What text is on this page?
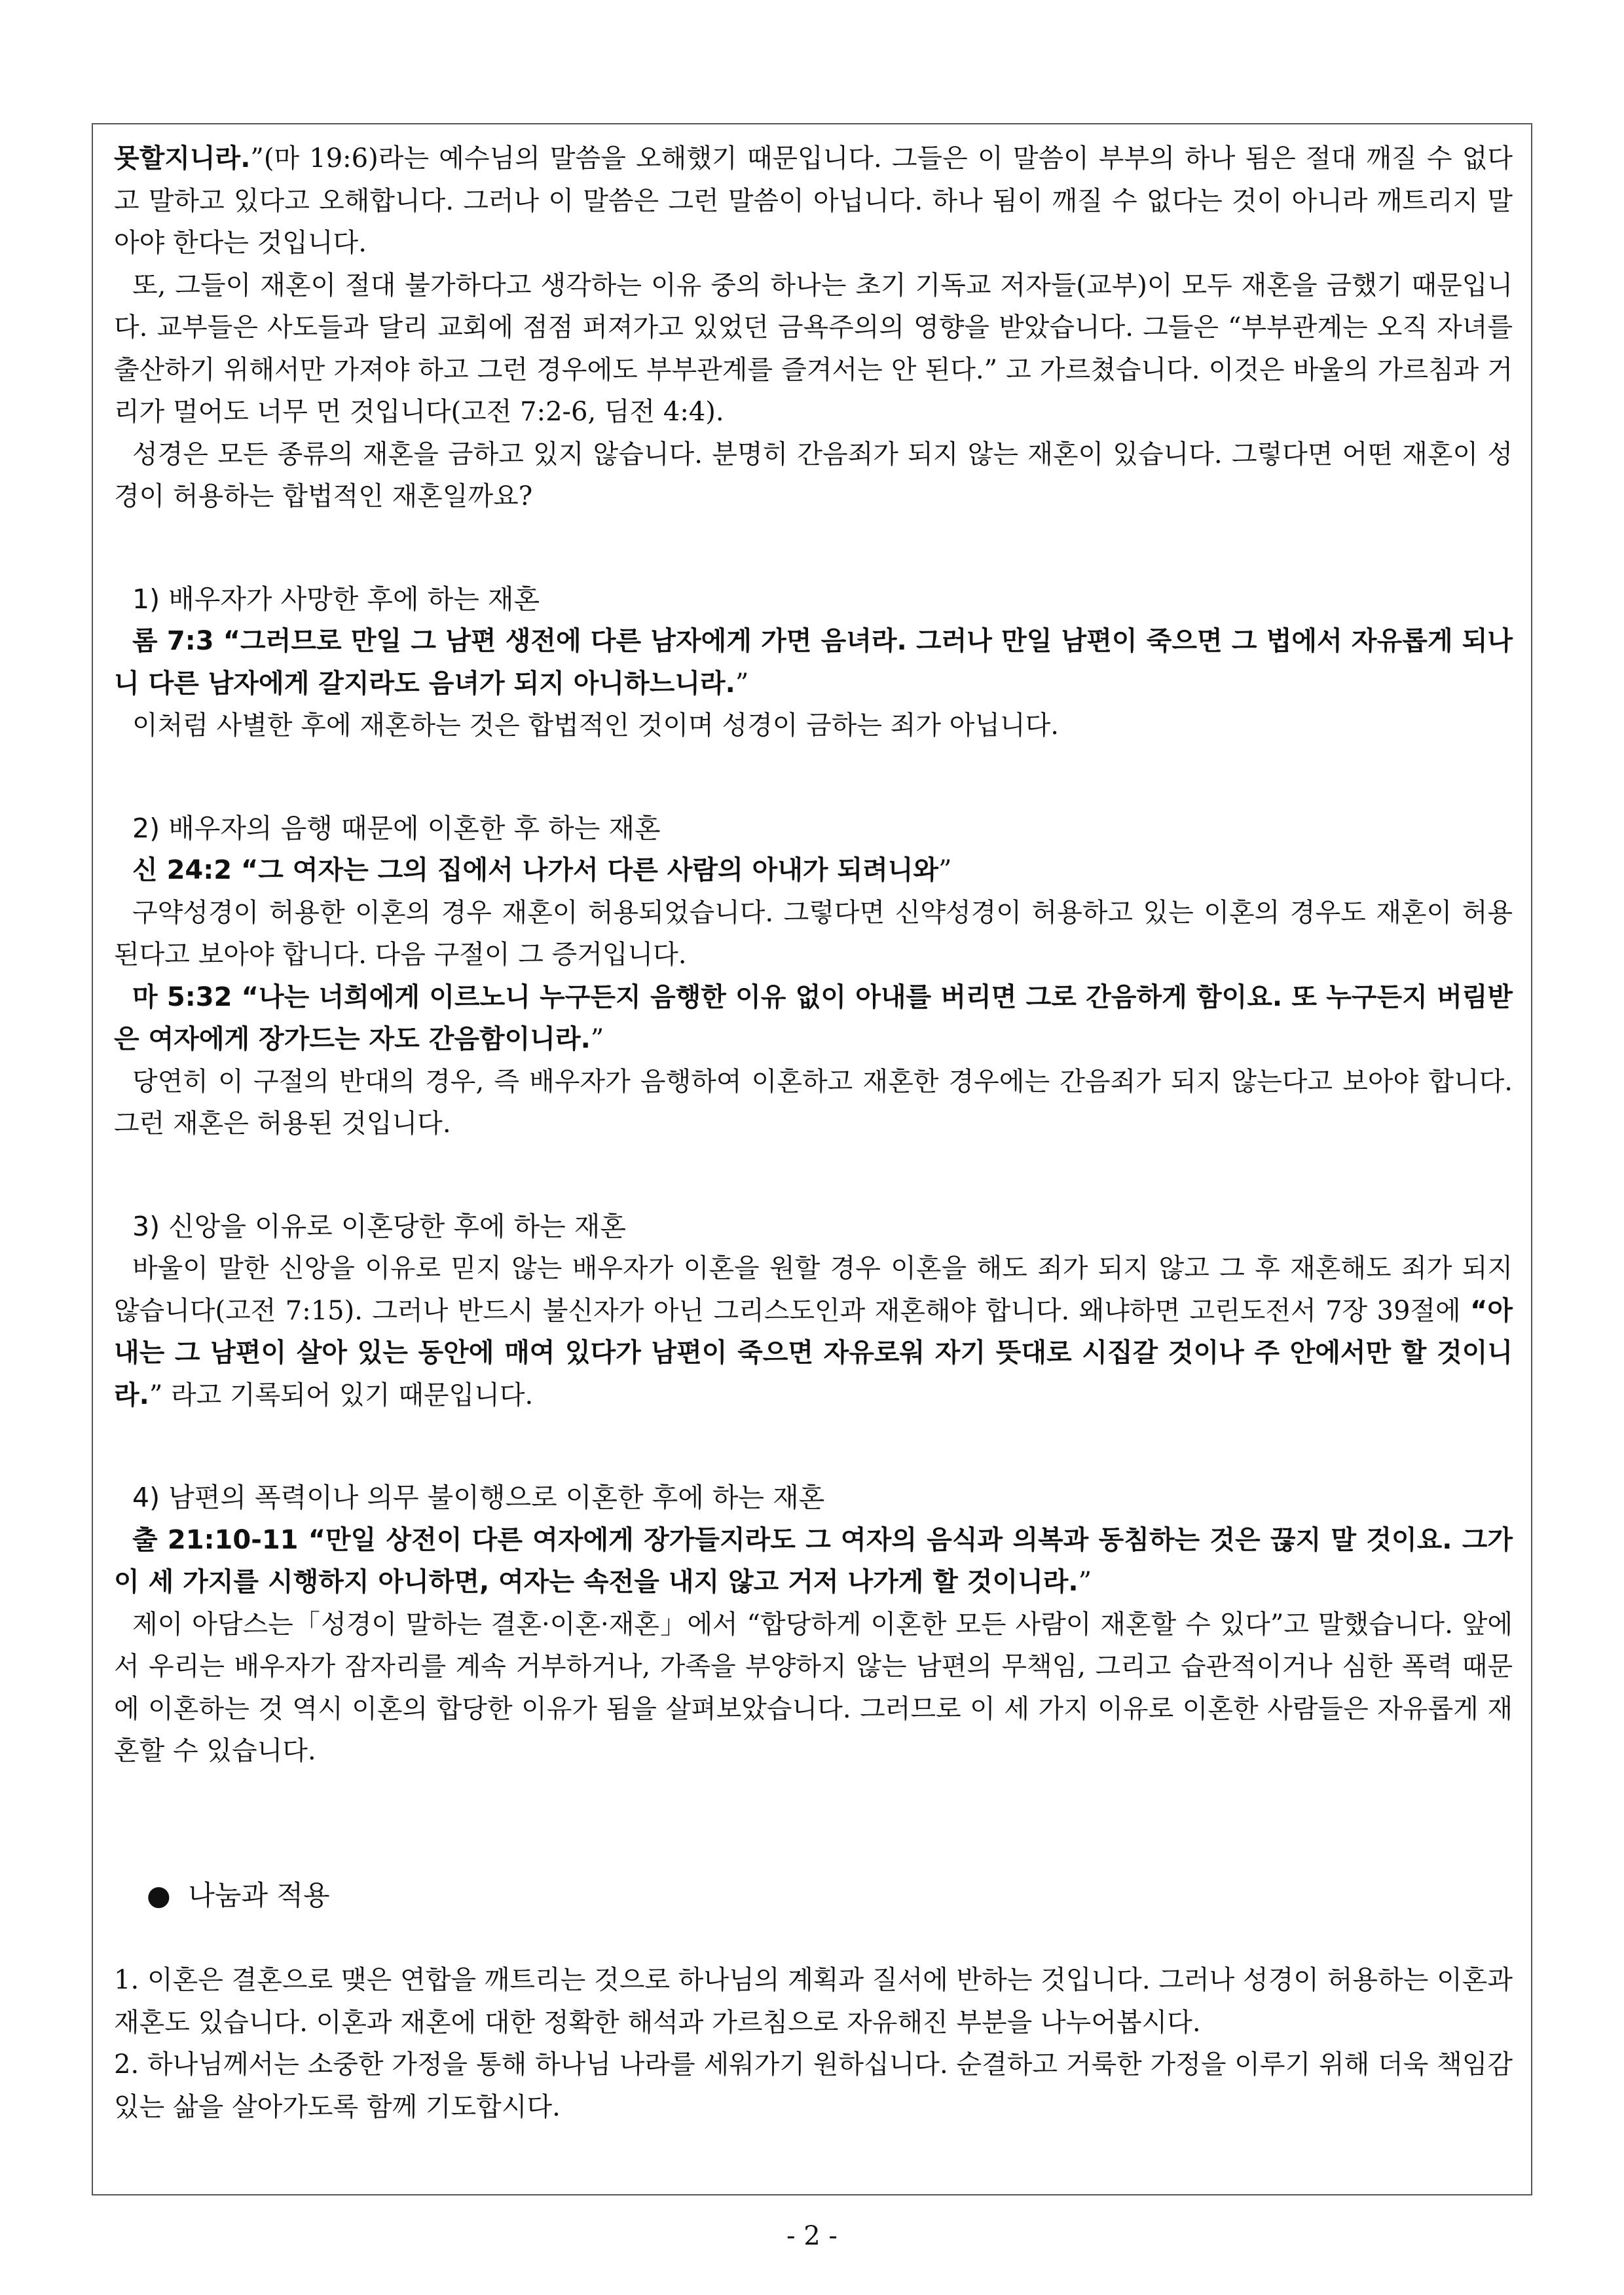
못할지니라.”(마 19:6)라는 예수님의 말씀을 오해했기 때문입니다. 그들은 이 말씀이 부부의 하나 됨은 절대 깨질 수 없다고 말하고 있다고 오해합니다. 그러나 이 말씀은 그런 말씀이 아닙니다. 하나 됨이 깨질 수 없다는 것이 아니라 깨트리지 말아야 한다는 것입니다.

또, 그들이 재혼이 절대 불가하다고 생각하는 이유 중의 하나는 초기 기독교 저자들(교부)이 모두 재혼을 금했기 때문입니다. 교부들은 사도들과 달리 교회에 점점 퍼져가고 있었던 금욕주의의 영향을 받았습니다. 그들은 “부부관계는 오직 자녀를 출산하기 위해서만 가져야 하고 그런 경우에도 부부관계를 즐겨서는 안 된다.” 고 가르쳤습니다. 이것은 바울의 가르침과 거리가 멀어도 너무 먼 것입니다(고전 7:2-6, 딤전 4:4).

성경은 모든 종류의 재혼을 금하고 있지 않습니다. 분명히 간음죄가 되지 않는 재혼이 있습니다. 그렇다면 어떤 재혼이 성경이 허용하는 합법적인 재혼일까요?

1) 배우자가 사망한 후에 하는 재혼

롬 7:3 “그러므로 만일 그 남편 생전에 다른 남자에게 가면 음녀라. 그러나 만일 남편이 죽으면 그 법에서 자유롭게 되나니 다른 남자에게 갈지라도 음녀가 되지 아니하느니라.”

이처럼 사별한 후에 재혼하는 것은 합법적인 것이며 성경이 금하는 죄가 아닙니다.

2) 배우자의 음행 때문에 이혼한 후 하는 재혼

신 24:2 “그 여자는 그의 집에서 나가서 다른 사람의 아내가 되려니와”

구약성경이 허용한 이혼의 경우 재혼이 허용되었습니다. 그렇다면 신약성경이 허용하고 있는 이혼의 경우도 재혼이 허용된다고 보아야 합니다. 다음 구절이 그 증거입니다.

마 5:32 “나는 너희에게 이르노니 누구든지 음행한 이유 없이 아내를 버리면 그로 간음하게 함이요. 또 누구든지 버림받은 여자에게 장가드는 자도 간음함이니라.”

당연히 이 구절의 반대의 경우, 즉 배우자가 음행하여 이혼하고 재혼한 경우에는 간음죄가 되지 않는다고 보아야 합니다. 그런 재혼은 허용된 것입니다.

3) 신앙을 이유로 이혼당한 후에 하는 재혼

바울이 말한 신앙을 이유로 믿지 않는 배우자가 이혼을 원할 경우 이혼을 해도 죄가 되지 않고 그 후 재혼해도 죄가 되지 않습니다(고전 7:15). 그러나 반드시 불신자가 아닌 그리스도인과 재혼해야 합니다. 왜냐하면 고린도전서 7장 39절에 “아내는 그 남편이 살아 있는 동안에 매여 있다가 남편이 죽으면 자유로워 자기 뜻대로 시집갈 것이나 주 안에서만 할 것이니라.” 라고 기록되어 있기 때문입니다.

4) 남편의 폭력이나 의무 불이행으로 이혼한 후에 하는 재혼

출 21:10-11 “만일 상전이 다른 여자에게 장가들지라도 그 여자의 음식과 의복과 동침하는 것은 끊지 말 것이요. 그가 이 세 가지를 시행하지 아니하면, 여자는 속전을 내지 않고 거저 나가게 할 것이니라.”

제이 아담스는「성경이 말하는 결혼·이혼·재혼」에서 “합당하게 이혼한 모든 사람이 재혼할 수 있다”고 말했습니다. 앞에서 우리는 배우자가 잠자리를 계속 거부하거나, 가족을 부양하지 않는 남편의 무책임, 그리고 습관적이거나 심한 폭력 때문에 이혼하는 것 역시 이혼의 합당한 이유가 됨을 살펴보았습니다. 그러므로 이 세 가지 이유로 이혼한 사람들은 자유롭게 재혼할 수 있습니다.

● 나눔과 적용

1. 이혼은 결혼으로 맺은 연합을 깨트리는 것으로 하나님의 계획과 질서에 반하는 것입니다. 그러나 성경이 허용하는 이혼과 재혼도 있습니다. 이혼과 재혼에 대한 정확한 해석과 가르침으로 자유해진 부분을 나누어봅시다.

2. 하나님께서는 소중한 가정을 통해 하나님 나라를 세워가기 원하십니다. 순결하고 거룩한 가정을 이루기 위해 더욱 책임감 있는 삶을 살아가도록 함께 기도합시다.

- 2 -
